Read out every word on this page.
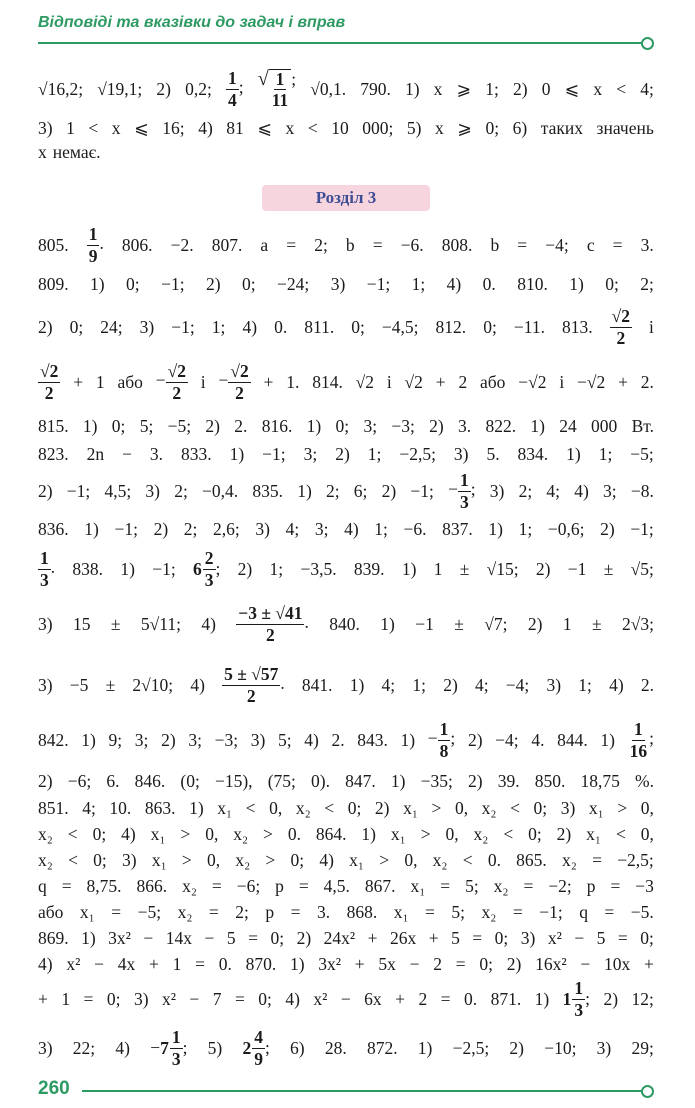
Відповіді та вказівки до задач і вправ
Розділ 3
√16,2; √19,1; 2) 0,2; $\frac{1}{4}$ ; √ $\frac{1}{11}$ ; √0,1. 790. 1) x ⩾ 1; 2) 0 ⩽ x < 4;
3) 1 < x ⩽ 16; 4) 81 ⩽ x < 10 000; 5) x ⩾ 0; 6) таких значень
x немає.
805. $\frac{1}{9}$ . 806. −2. 807. a = 2; b = −6. 808. b = −4; c = 3.
809. 1) 0; −1; 2) 0; −24; 3) −1; 1; 4) 0. 810. 1) 0; 2;
2) 0; 24; 3) −1; 1; 4) 0. 811. 0; −4,5; 812. 0; −11. 813. $\frac{√2}{2}$ і
$\frac{√2}{2} + 1$ або − $\frac{√2}{2}$ $і - \frac{√2}{2} + 1$. 814. √2 і √2 + 2 або −√2 і −√2 + 2.
815. 1) 0; 5; −5; 2) 2. 816. 1) 0; 3; −3; 2) 3. 822. 1) 24 000 Вт.
823. 2n − 3. 833. 1) −1; 3; 2) 1; −2,5; 3) 5. 834. 1) 1; −5;
2) −1; 4,5; 3) 2; −0,4. 835. 1) 2; 6; 2) −1; − $\frac{1}{3}$ ; 3) 2; 4; 4) 3; −8.
836. 1) −1; 2) 2; 2,6; 3) 4; 3; 4) 1; −6. 837. 1) 1; −0,6; 2) −1;
$\frac{1}{3}$ . 838. 1) −1; $6 \frac{2}{3}$ ; 2) 1; −3,5. 839. 1) 1 ± √15; 2) −1 ± √5;
3) 15 ± 5√11; $4) \frac{-3 \pm √41}{2}$ . 840. 1) −1 ± √7; 2) 1 ± 2√3;
3) −5 ± 2√10; $4) \frac{5 \pm √57}{2}$ . 841. 1) 4; 1; 2) 4; −4; 3) 1; 4) 2.
842. 1) 9; 3; 2) 3; −3; 3) 5; 4) 2. 843. $1) - \frac{1}{8}$ ; 2) −4; 4. 844. $1) \frac{1}{16}$ ;
2) −6; 6. 846. (0; −15), (75; 0). 847. 1) −35; 2) 39. 850. 18,75 %.
851. 4; 10. 863. 1) x₁ < 0, x₂ < 0; 2) x₁ > 0, x₂ < 0; 3) x₁ > 0,
x₂ < 0; 4) x₁ > 0, x₂ > 0. 864. 1) x₁ > 0, x₂ < 0; 2) x₁ < 0,
x₂ < 0; 3) x₁ > 0, x₂ > 0; 4) x₁ > 0, x₂ < 0. 865. x₂ = −2,5;
q = 8,75. 866. x₂ = −6; p = 4,5. 867. x₁ = 5; x₂ = −2; p = −3
або x₁ = −5; x₂ = 2; p = 3. 868. x₁ = 5; x₂ = −1; q = −5.
869. 1) 3x² − 14x − 5 = 0; 2) 24x² + 26x + 5 = 0; 3) x² − 5 = 0;
4) x² − 4x + 1 = 0. 870. 1) 3x² + 5x − 2 = 0; 2) 16x² − 10x +
+ 1 = 0; 3) x² − 7 = 0; 4) x² − 6x + 2 = 0. 871. 1) $1 \frac{1}{3}$ ; 2) 12;
3) 22; $4) - 7 \frac{1}{3}$ ; 5) $2 \frac{4}{9}$ ; 6) 28. 872. 1) −2,5; 2) −10; 3) 29;
260
